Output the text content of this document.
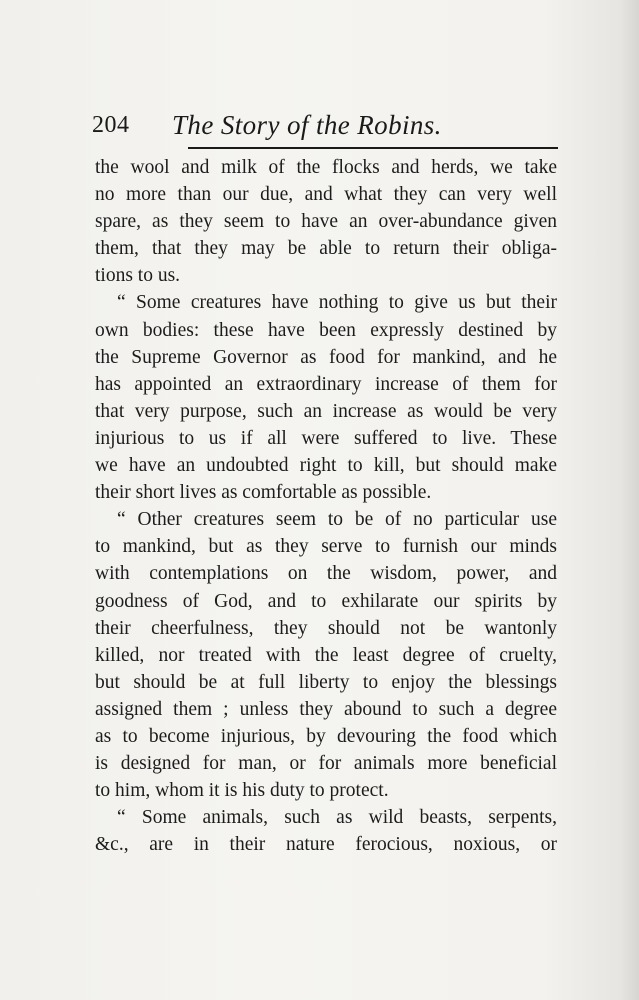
204 The Story of the Robins.
the wool and milk of the flocks and herds, we take
no more than our due, and what they can very well
spare, as they seem to have an over-abundance given
them, that they may be able to return their obliga-
tions to us.
“ Some creatures have nothing to give us but their
own bodies: these have been expressly destined by
the Supreme Governor as food for mankind, and he
has appointed an extraordinary increase of them for
that very purpose, such an increase as would be very
injurious to us if all were suffered to live. These
we have an undoubted right to kill, but should make
their short lives as comfortable as possible.
“ Other creatures seem to be of no particular use
to mankind, but as they serve to furnish our minds
with contemplations on the wisdom, power, and
goodness of God, and to exhilarate our spirits by
their cheerfulness, they should not be wantonly
killed, nor treated with the least degree of cruelty,
but should be at full liberty to enjoy the blessings
assigned them ; unless they abound to such a degree
as to become injurious, by devouring the food which
is designed for man, or for animals more beneficial
to him, whom it is his duty to protect.
“ Some animals, such as wild beasts, serpents,
&c., are in their nature ferocious, noxious, or
